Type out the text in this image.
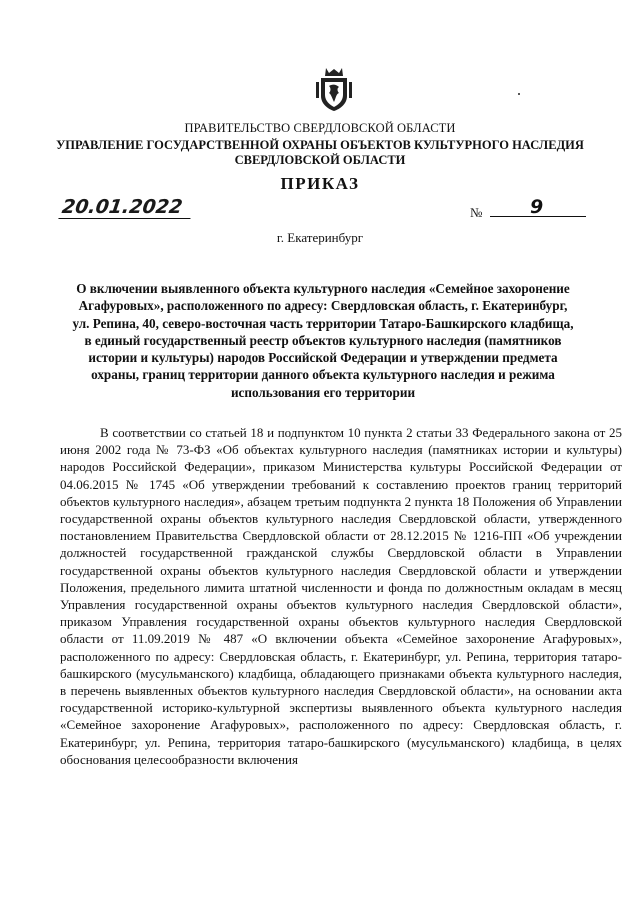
ПРАВИТЕЛЬСТВО СВЕРДЛОВСКОЙ ОБЛАСТИ
УПРАВЛЕНИЕ ГОСУДАРСТВЕННОЙ ОХРАНЫ ОБЪЕКТОВ КУЛЬТУРНОГО НАСЛЕДИЯ
СВЕРДЛОВСКОЙ ОБЛАСТИ
ПРИКАЗ
20.01.2022	№	9
г. Екатеринбург
О включении выявленного объекта культурного наследия «Семейное захоронение Агафуровых», расположенного по адресу: Свердловская область, г. Екатеринбург, ул. Репина, 40, северо-восточная часть территории Татаро-Башкирского кладбища, в единый государственный реестр объектов культурного наследия (памятников истории и культуры) народов Российской Федерации и утверждении предмета охраны, границ территории данного объекта культурного наследия и режима использования его территории

В соответствии со статьей 18 и подпунктом 10 пункта 2 статьи 33 Федерального закона от 25 июня 2002 года № 73-ФЗ «Об объектах культурного наследия (памятниках истории и культуры) народов Российской Федерации», приказом Министерства культуры Российской Федерации от 04.06.2015 № 1745 «Об утверждении требований к составлению проектов границ территорий объектов культурного наследия», абзацем третьим подпункта 2 пункта 18 Положения об Управлении государственной охраны объектов культурного наследия Свердловской области, утвержденного постановлением Правительства Свердловской области от 28.12.2015 № 1216-ПП «Об учреждении должностей государственной гражданской службы Свердловской области в Управлении государственной охраны объектов культурного наследия Свердловской области и утверждении Положения, предельного лимита штатной численности и фонда по должностным окладам в месяц Управления государственной охраны объектов культурного наследия Свердловской области», приказом Управления государственной охраны объектов культурного наследия Свердловской области от 11.09.2019 № 487 «О включении объекта «Семейное захоронение Агафуровых», расположенного по адресу: Свердловская область, г. Екатеринбург, ул. Репина, территория татаро-башкирского (мусульманского) кладбища, обладающего признаками объекта культурного наследия, в перечень выявленных объектов культурного наследия Свердловской области», на основании акта государственной историко-культурной экспертизы выявленного объекта культурного наследия «Семейное захоронение Агафуровых», расположенного по адресу: Свердловская область, г. Екатеринбург, ул. Репина, территория татаро-башкирского (мусульманского) кладбища, в целях обоснования целесообразности включения
